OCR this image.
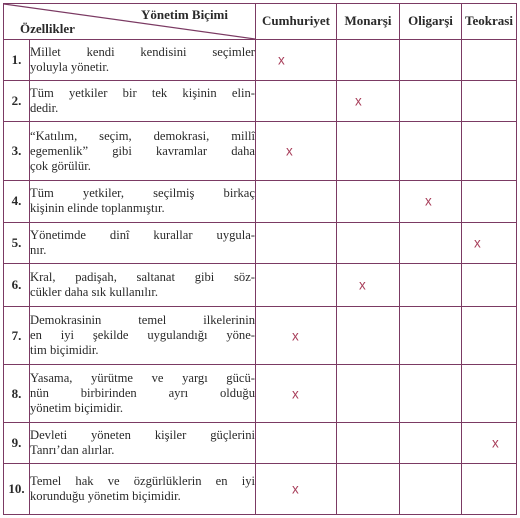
Yönetim Biçimi
Özellikler		Cumhuriyet	Monarşi	Oligarşi	Teokrasi
1.	Millet kendi kendisini seçimler
yoluyla yönetir.	x			

2.	Tüm yetkiler bir tek kişinin elin-
dedir.		x		

3.	“Katılım, seçim, demokrasi, millî
egemenlik” gibi kavramlar daha
çok görülür.	x			

4.	Tüm yetkiler, seçilmiş birkaç
kişinin elinde toplanmıştır.			x	

5.	Yönetimde dinî kurallar uygula-
nır.				x

6.	Kral, padişah, saltanat gibi söz-
cükler daha sık kullanılır.		x		

7.	Demokrasinin temel ilkelerinin
en iyi şekilde uygulandığı yöne-
tim biçimidir.	x			

8.	Yasama, yürütme ve yargı gücü-
nün birbirinden ayrı olduğu
yönetim biçimidir.	x			

9.	Devleti yöneten kişiler güçlerini
Tanrı’dan alırlar.				x

10.	Temel hak ve özgürlüklerin en iyi
korunduğu yönetim biçimidir.	x			
